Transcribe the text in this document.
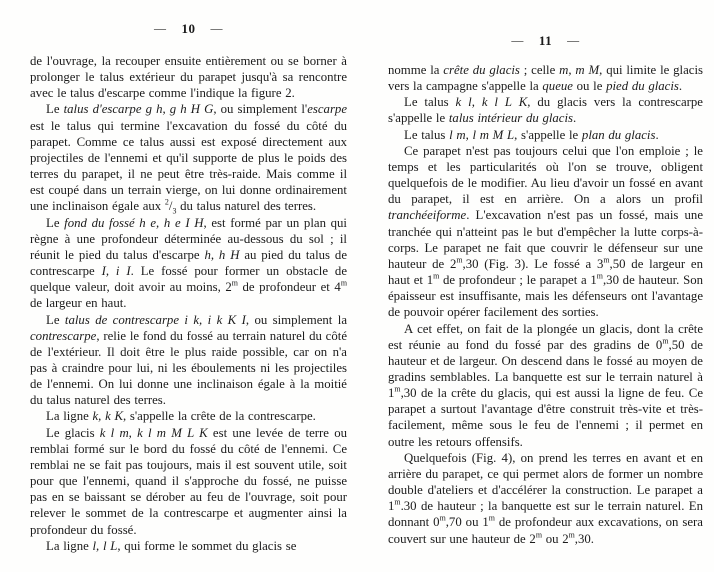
— 10 —

de l'ouvrage, la recouper ensuite entièrement ou se borner à prolonger le talus extérieur du parapet jusqu'à sa rencontre avec le talus d'escarpe comme l'indique la figure 2.

Le talus d'escarpe g h, g h H G, ou simplement l'escarpe est le talus qui termine l'excavation du fossé du côté du parapet. Comme ce talus aussi est exposé directement aux projectiles de l'ennemi et qu'il supporte de plus le poids des terres du parapet, il ne peut être très-raide. Mais comme il est coupé dans un terrain vierge, on lui donne ordinairement une inclinaison égale aux $^2/_3$ du talus naturel des terres.

Le fond du fossé h e, h e I H, est formé par un plan qui règne à une profondeur déterminée au-dessous du sol ; il réunit le pied du talus d'escarpe h, h H au pied du talus de contrescarpe I, i I. Le fossé pour former un obstacle de quelque valeur, doit avoir au moins, 2$^m$ de profondeur et 4$^m$ de largeur en haut.

Le talus de contrescarpe i k, i k K I, ou simplement la contrescarpe, relie le fond du fossé au terrain naturel du côté de l'extérieur. Il doit être le plus raide possible, car on n'a pas à craindre pour lui, ni les éboulements ni les projectiles de l'ennemi. On lui donne une inclinaison égale à la moitié du talus naturel des terres.

La ligne k, k K, s'appelle la crête de la contrescarpe.

Le glacis k l m, k l m M L K est une levée de terre ou remblai formé sur le bord du fossé du côté de l'ennemi. Ce remblai ne se fait pas toujours, mais il est souvent utile, soit pour que l'ennemi, quand il s'approche du fossé, ne puisse pas en se baissant se dérober au feu de l'ouvrage, soit pour relever le sommet de la contrescarpe et augmenter ainsi la profondeur du fossé.

La ligne l, l L, qui forme le sommet du glacis se

— 11 —

nomme la crête du glacis ; celle m, m M, qui limite le glacis vers la campagne s'appelle la queue ou le pied du glacis.

Le talus k l, k l L K, du glacis vers la contrescarpe s'appelle le talus intérieur du glacis.

Le talus l m, l m M L, s'appelle le plan du glacis.

Ce parapet n'est pas toujours celui que l'on emploie ; le temps et les particularités où l'on se trouve, obligent quelquefois de le modifier. Au lieu d'avoir un fossé en avant du parapet, il est en arrière. On a alors un profil tranchéeiforme. L'excavation n'est pas un fossé, mais une tranchée qui n'atteint pas le but d'empêcher la lutte corps-à-corps. Le parapet ne fait que couvrir le défenseur sur une hauteur de 2$^m$,30 (Fig. 3). Le fossé a 3$^m$,50 de largeur en haut et 1$^m$ de profondeur ; le parapet a 1$^m$,30 de hauteur. Son épaisseur est insuffisante, mais les défenseurs ont l'avantage de pouvoir opérer facilement des sorties.

A cet effet, on fait de la plongée un glacis, dont la crête est réunie au fond du fossé par des gradins de 0$^m$,50 de hauteur et de largeur. On descend dans le fossé au moyen de gradins semblables. La banquette est sur le terrain naturel à 1$^m$,30 de la crête du glacis, qui est aussi la ligne de feu. Ce parapet a surtout l'avantage d'être construit très-vite et très-facilement, même sous le feu de l'ennemi ; il permet en outre les retours offensifs.

Quelquefois (Fig. 4), on prend les terres en avant et en arrière du parapet, ce qui permet alors de former un nombre double d'ateliers et d'accélérer la construction. Le parapet a 1$^m$.30 de hauteur ; la banquette est sur le terrain naturel. En donnant 0$^m$,70 ou 1$^m$ de profondeur aux excavations, on sera couvert sur une hauteur de 2$^m$ ou 2$^m$,30.
